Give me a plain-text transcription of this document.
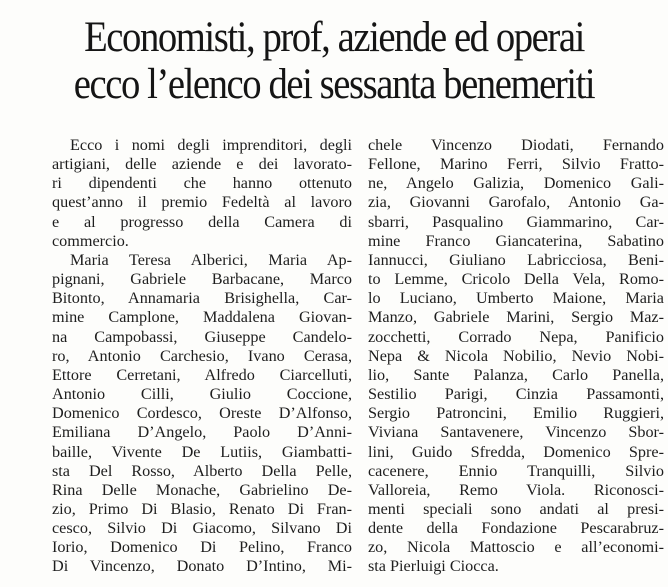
Economisti, prof, aziende ed operai
ecco l’elenco dei sessanta benemeriti
Ecco i nomi degli imprenditori, degli
artigiani, delle aziende e dei lavorato-
ri dipendenti che hanno ottenuto
quest’anno il premio Fedeltà al lavoro
e al progresso della Camera di
commercio.
Maria Teresa Alberici, Maria Ap-
pignani, Gabriele Barbacane, Marco
Bitonto, Annamaria Brisighella, Car-
mine Camplone, Maddalena Giovan-
na Campobassi, Giuseppe Candelo-
ro, Antonio Carchesio, Ivano Cerasa,
Ettore Cerretani, Alfredo Ciarcelluti,
Antonio Cilli, Giulio Coccione,
Domenico Cordesco, Oreste D’Alfonso,
Emiliana D’Angelo, Paolo D’Anni-
baille, Vivente De Lutiis, Giambatti-
sta Del Rosso, Alberto Della Pelle,
Rina Delle Monache, Gabrielino De-
zio, Primo Di Blasio, Renato Di Fran-
cesco, Silvio Di Giacomo, Silvano Di
Iorio, Domenico Di Pelino, Franco
Di Vincenzo, Donato D’Intino, Mi-
chele Vincenzo Diodati, Fernando
Fellone, Marino Ferri, Silvio Fratto-
ne, Angelo Galizia, Domenico Gali-
zia, Giovanni Garofalo, Antonio Ga-
sbarri, Pasqualino Giammarino, Car-
mine Franco Giancaterina, Sabatino
Iannucci, Giuliano Labricciosa, Beni-
to Lemme, Cricolo Della Vela, Romo-
lo Luciano, Umberto Maione, Maria
Manzo, Gabriele Marini, Sergio Maz-
zocchetti, Corrado Nepa, Panificio
Nepa & Nicola Nobilio, Nevio Nobi-
lio, Sante Palanza, Carlo Panella,
Sestilio Parigi, Cinzia Passamonti,
Sergio Patroncini, Emilio Ruggieri,
Viviana Santavenere, Vincenzo Sbor-
lini, Guido Sfredda, Domenico Spre-
cacenere, Ennio Tranquilli, Silvio
Valloreia, Remo Viola. Riconosci-
menti speciali sono andati al presi-
dente della Fondazione Pescarabruz-
zo, Nicola Mattoscio e all’economi-
sta Pierluigi Ciocca.
